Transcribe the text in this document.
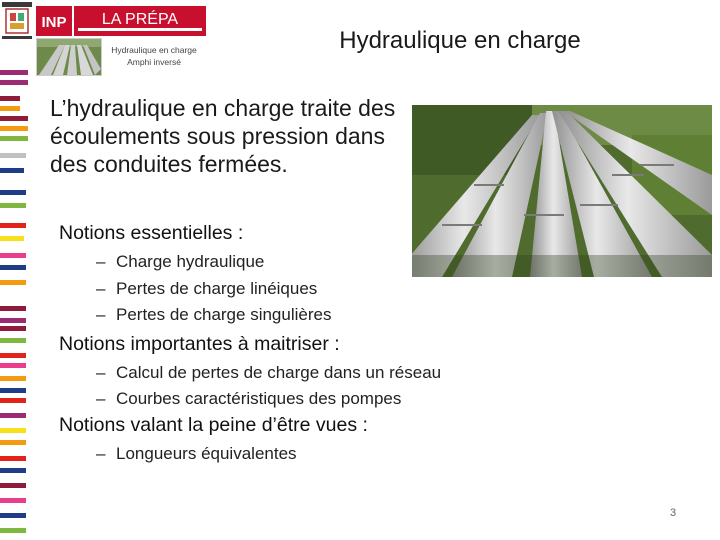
INP LA PRÉPA
Hydraulique en charge
Amphi inversé
Hydraulique en charge
L’hydraulique en charge traite des écoulements sous pression dans des conduites fermées.
Notions essentielles :
– Charge hydraulique
– Pertes de charge linéiques
– Pertes de charge singulières
Notions importantes à maitriser :
– Calcul de pertes de charge dans un réseau
– Courbes caractéristiques des pompes
Notions valant la peine d’être vues :
– Longueurs équivalentes
3
